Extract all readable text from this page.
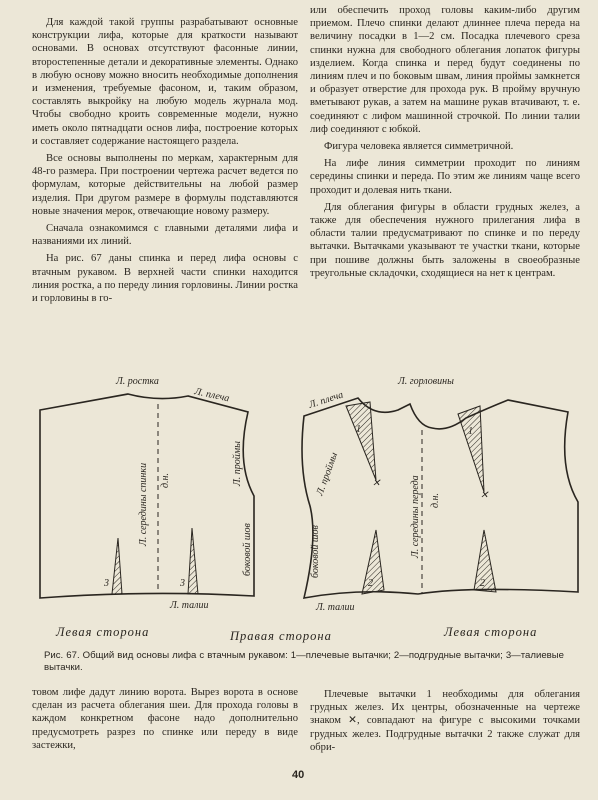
Для каждой такой группы разрабатывают основные конструкции лифа, которые для краткости называют основами. В основах отсутствуют фасонные линии, второстепенные детали и декоративные элементы. Однако в любую основу можно вносить необходимые дополнения и изменения, требуемые фасоном, и, таким образом, составлять выкройку на любую модель журнала мод. Чтобы свободно кроить современные модели, нужно иметь около пятнадцати основ лифа, построение которых и составляет содержание настоящего раздела.

Все основы выполнены по меркам, характерным для 48-го размера. При построении чертежа расчет ведется по формулам, которые действительны на любой размер изделия. При другом размере в формулы подставляются новые значения мерок, отвечающие новому размеру.

Сначала ознакомимся с главными деталями лифа и названиями их линий.

На рис. 67 даны спинка и перед лифа основы с втачным рукавом. В верхней части спинки находится линия ростка, а по переду линия горловины. Линии ростка и горловины в го-

или обеспечить проход головы каким-либо другим приемом. Плечо спинки делают длиннее плеча переда на величину посадки в 1—2 см. Посадка плечевого среза спинки нужна для свободного облегания лопаток фигуры изделием. Когда спинка и перед будут соединены по линиям плеч и по боковым швам, линия проймы замкнется и образует отверстие для прохода рук. В пройму вручную вметывают рукав, а затем на машине рукав втачивают, т. е. соединяют с лифом машинной строчкой. По линии талии лиф соединяют с юбкой.

Фигура человека является симметричной.

На лифе линия симметрии проходит по линиям середины спинки и переда. По этим же линиям чаще всего проходит и долевая нить ткани.

Для облегания фигуры в области грудных желез, а также для обеспечения нужного прилегания лифа в области талии предусматривают по спинке и по переду вытачки. Вытачками указывают те участки ткани, которые при пошиве должны быть заложены в своеобразные треугольные складочки, сходящиеся на нет к центрам.

Л. ростка
Л. плеча
Л. середины спинки	Л. проймы
боковой шов
3	3
Л. талии
✕
✕
Л. плеча
Л. горловины
Л. проймы
боковой шов	Л. середины переда
д.н.
д.н.
1	1
2	2
Л. талии
Левая сторона	Правая сторона	Левая сторона
Рис. 67. Общий вид основы лифа с втачным рукавом: 1—плечевые вытачки; 2—подгрудные вытачки; 3—талиевые вытачки.

товом лифе дадут линию ворота. Вырез ворота в основе сделан из расчета облегания шеи. Для прохода головы в каждом конкретном фасоне надо дополнительно предусмотреть разрез по спинке или переду в виде застежки,

Плечевые вытачки 1 необходимы для облегания грудных желез. Их центры, обозначенные на чертеже знаком ✕, совпадают на фигуре с высокими точками грудных желез. Подгрудные вытачки 2 также служат для обри-

40
